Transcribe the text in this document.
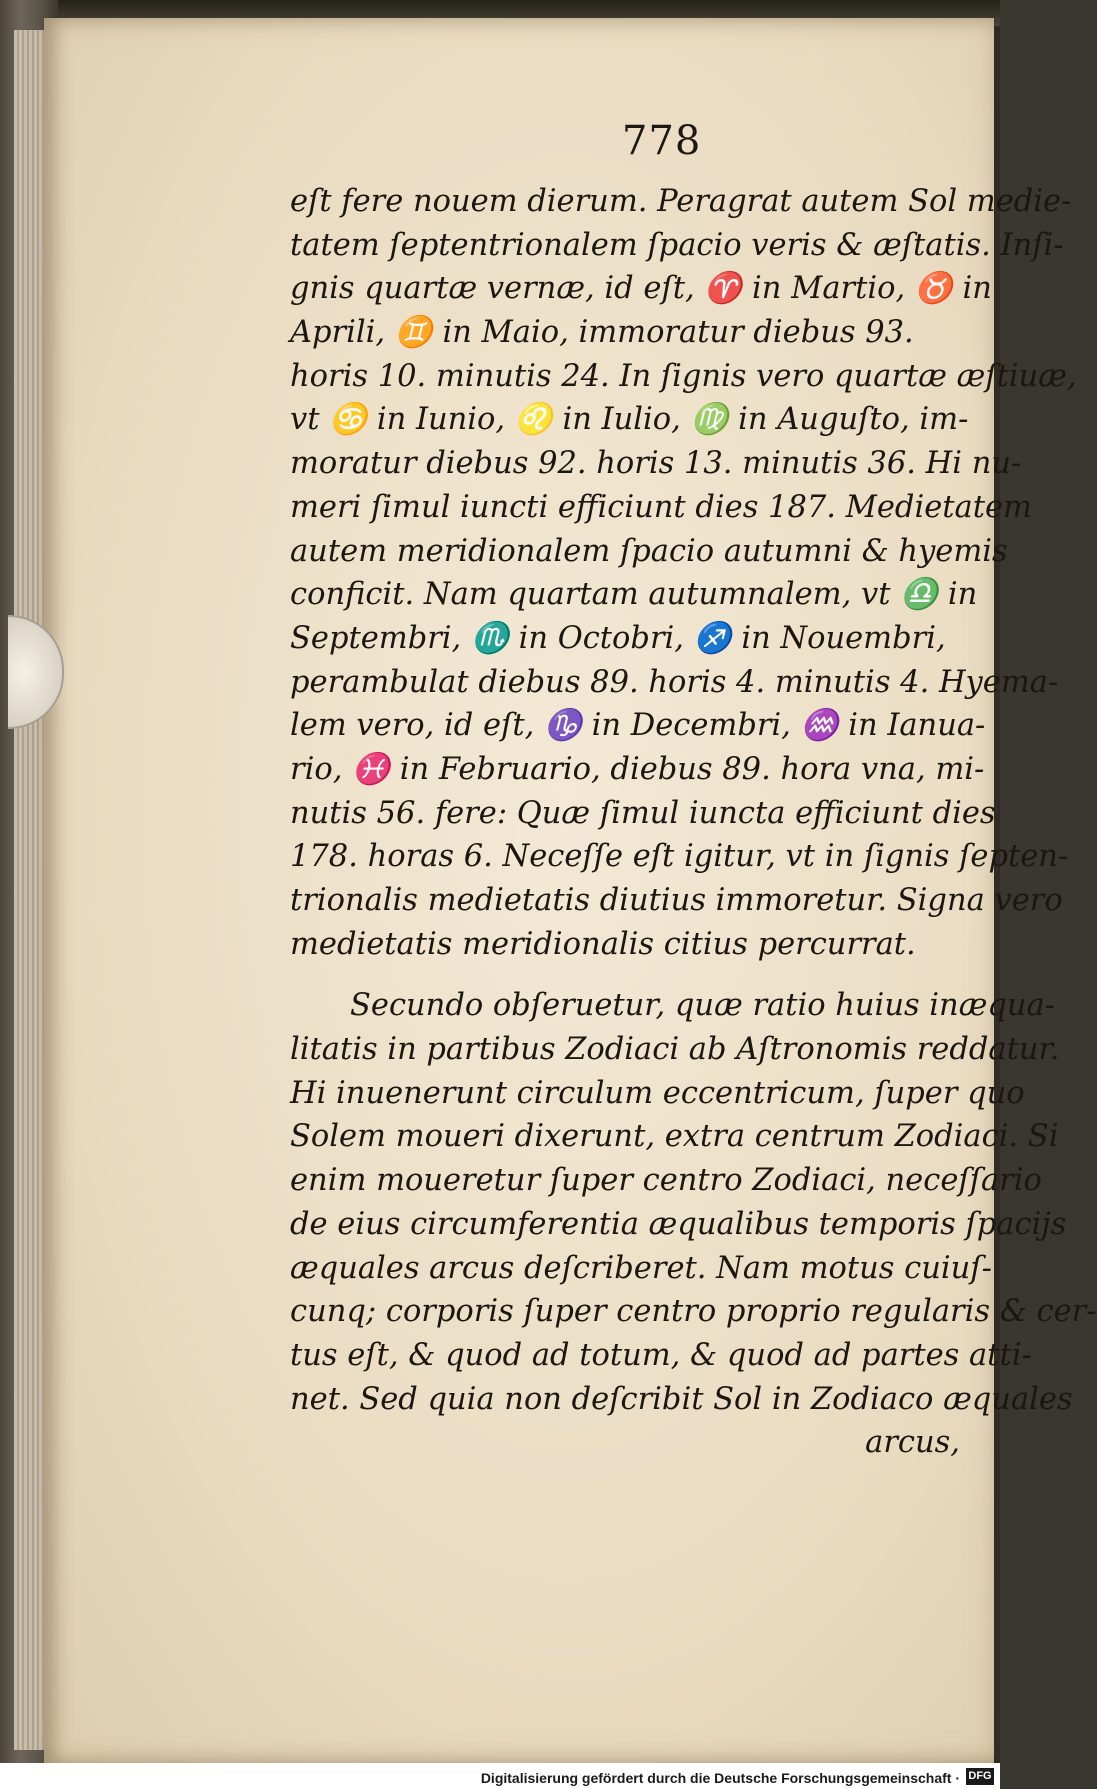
778
eſt fere nouem dierum. Peragrat autem Sol medie-
tatem ſeptentrionalem ſpacio veris & æſtatis. Inſi-
gnis quartæ vernæ, id eſt, ♈ in Martio, ♉ in
Aprili, ♊ in Maio, immoratur diebus 93.
horis 10. minutis 24. In ſignis vero quartæ æſtiuæ,
vt ♋ in Iunio, ♌ in Iulio, ♍ in Auguſto, im-
moratur diebus 92. horis 13. minutis 36. Hi nu-
meri ſimul iuncti efficiunt dies 187. Medietatem
autem meridionalem ſpacio autumni & hyemis
conficit. Nam quartam autumnalem, vt ♎ in
Septembri, ♏ in Octobri, ♐ in Nouembri,
perambulat diebus 89. horis 4. minutis 4. Hyema-
lem vero, id eſt, ♑ in Decembri, ♒ in Ianua-
rio, ♓ in Februario, diebus 89. hora vna, mi-
nutis 56. fere: Quæ ſimul iuncta efficiunt dies
178. horas 6. Neceſſe eſt igitur, vt in ſignis ſepten-
trionalis medietatis diutius immoretur. Signa vero
medietatis meridionalis citius percurrat.
Secundo obſeruetur, quæ ratio huius inæqua-
litatis in partibus Zodiaci ab Aſtronomis reddatur.
Hi inuenerunt circulum eccentricum, ſuper quo
Solem moueri dixerunt, extra centrum Zodiaci. Si
enim moueretur ſuper centro Zodiaci, neceſſario
de eius circumferentia æqualibus temporis ſpaciјs
æquales arcus deſcriberet. Nam motus cuiuſ-
cunq; corporis ſuper centro proprio regularis & cer-
tus eſt, & quod ad totum, & quod ad partes atti-
net. Sed quia non deſcribit Sol in Zodiaco æquales
arcus,
Digitalisierung gefördert durch die Deutsche Forschungsgemeinschaft · DFG
